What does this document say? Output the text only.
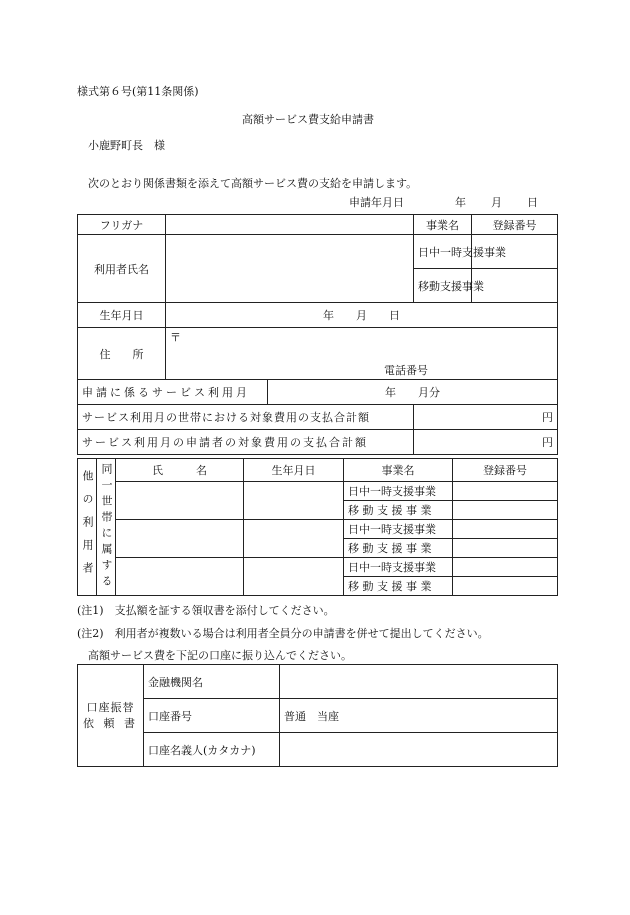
様式第６号(第11条関係)
高額サービス費支給申請書
小鹿野町長　様
次のとおり関係書類を添えて高額サービス費の支給を申請します。
申請年月日	年 月 日
フリガナ			事業名	登録番号
利用者氏名			日中一時支援事業	
			移動支援事業	
生年月日	年　　月　　日			
住　　所	〒
電話番号			

申請に係るサービス利用月		年　　月分		
サービス利用月の世帯における対象費用の支払合計額			円	
サービス利用月の申請者の対象費用の支払合計額			円	
他の利用者	同一世帯に属する	氏　　　名	生年月日	事業名	登録番号
				日中一時支援事業	
				移 動 支 援 事 業	
				日中一時支援事業	
				移 動 支 援 事 業	
				日中一時支援事業	
				移 動 支 援 事 業	
(注1)　支払額を証する領収書を添付してください。
(注2)　利用者が複数いる場合は利用者全員分の申請書を併せて提出してください。
高額サービス費を下記の口座に振り込んでください。
口座振替
依 頼 書	金融機関名	
	口座番号	普通　当座
	口座名義人(カタカナ)	
